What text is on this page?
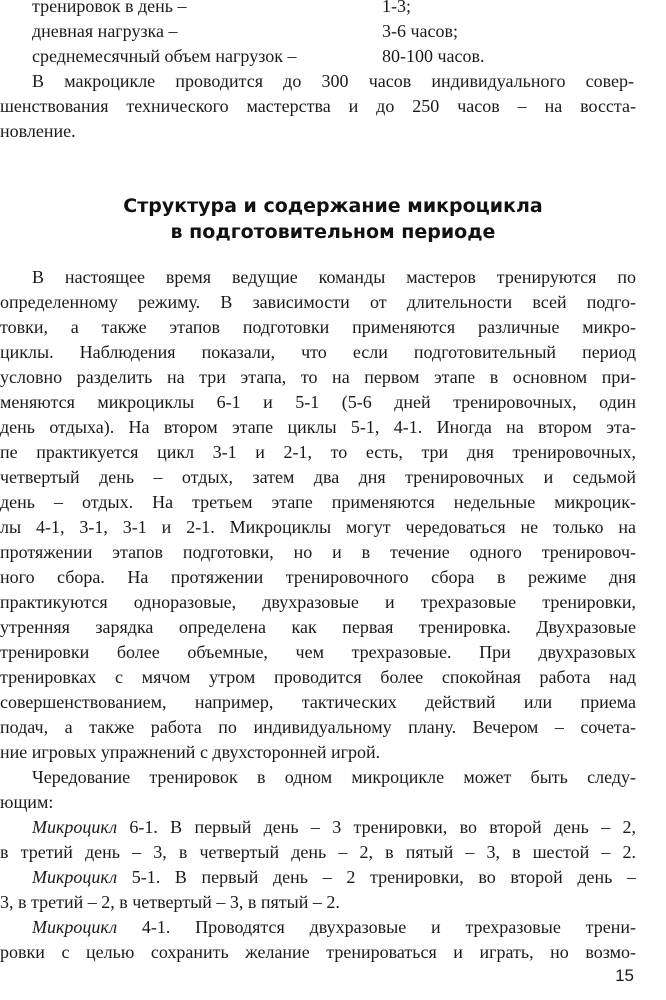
тренировок в день –	1-3;
дневная нагрузка –	3-6 часов;
среднемесячный объем нагрузок –	80-100 часов.
В макроцикле проводится до 300 часов индивидуального совер-
шенствования технического мастерства и до 250 часов – на восста-
новление.
Структура и содержание микроцикла
в подготовительном периоде
В настоящее время ведущие команды мастеров тренируются по
определенному режиму. В зависимости от длительности всей подго-
товки, а также этапов подготовки применяются различные микро-
циклы. Наблюдения показали, что если подготовительный период
условно разделить на три этапа, то на первом этапе в основном при-
меняются микроциклы 6-1 и 5-1 (5-6 дней тренировочных, один
день отдыха). На втором этапе циклы 5-1, 4-1. Иногда на втором эта-
пе практикуется цикл 3-1 и 2-1, то есть, три дня тренировочных,
четвертый день – отдых, затем два дня тренировочных и седьмой
день – отдых. На третьем этапе применяются недельные микроцик-
лы 4-1, 3-1, 3-1 и 2-1. Микроциклы могут чередоваться не только на
протяжении этапов подготовки, но и в течение одного тренировоч-
ного сбора. На протяжении тренировочного сбора в режиме дня
практикуются одноразовые, двухразовые и трехразовые тренировки,
утренняя зарядка определена как первая тренировка. Двухразовые
тренировки более объемные, чем трехразовые. При двухразовых
тренировках с мячом утром проводится более спокойная работа над
совершенствованием, например, тактических действий или приема
подач, а также работа по индивидуальному плану. Вечером – сочета-
ние игровых упражнений с двухсторонней игрой.
Чередование тренировок в одном микроцикле может быть следу-
ющим:
Микроцикл 6-1. В первый день – 3 тренировки, во второй день – 2,
в третий день – 3, в четвертый день – 2, в пятый – 3, в шестой – 2.
Микроцикл 5-1. В первый день – 2 тренировки, во второй день –
3, в третий – 2, в четвертый – 3, в пятый – 2.
Микроцикл 4-1. Проводятся двухразовые и трехразовые трени-
ровки с целью сохранить желание тренироваться и играть, но возмо-
15
